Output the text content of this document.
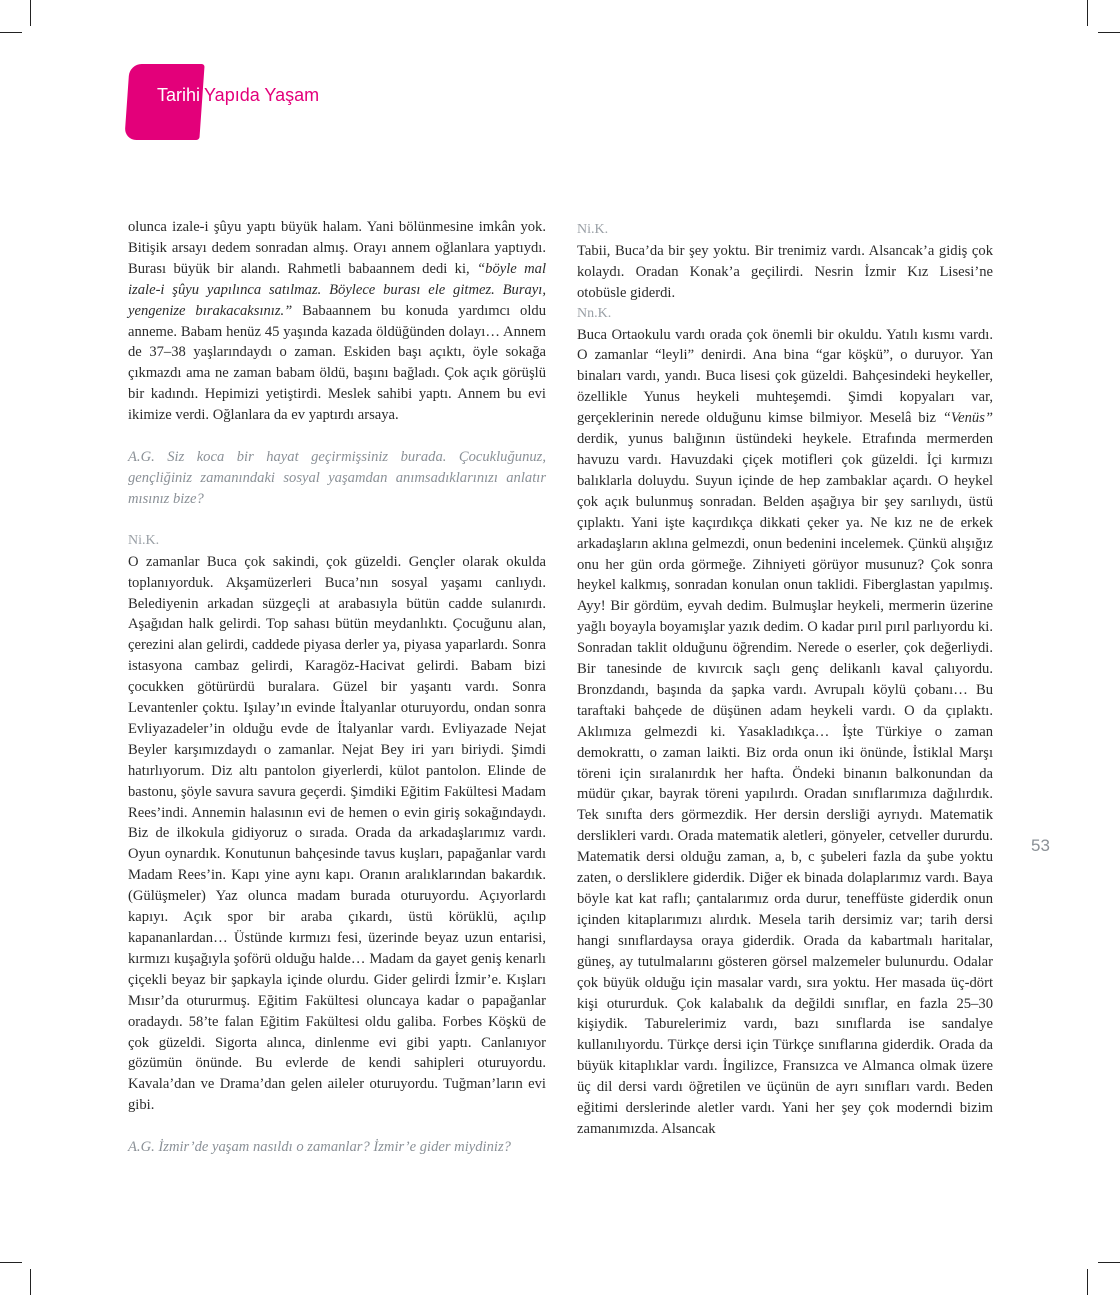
Tarihi Yapıda Yaşam

olunca izale-i şûyu yaptı büyük halam. Yani bölünmesine imkân yok. Bitişik arsayı dedem sonradan almış. Orayı annem oğlanlara yaptıydı. Burası büyük bir alandı. Rahmetli babaannem dedi ki, “böyle mal izale-i şûyu yapılınca satılmaz. Böylece burası ele gitmez. Burayı, yengenize bırakacaksınız.” Babaannem bu konuda yardımcı oldu anneme. Babam henüz 45 yaşında kazada öldüğünden dolayı… Annem de 37–38 yaşlarındaydı o zaman. Eskiden başı açıktı, öyle sokağa çıkmazdı ama ne zaman babam öldü, başını bağladı. Çok açık görüşlü bir kadındı. Hepimizi yetiştirdi. Meslek sahibi yaptı. Annem bu evi ikimize verdi. Oğlanlara da ev yaptırdı arsaya.

A.G. Siz koca bir hayat geçirmişsiniz burada. Çocukluğunuz, gençliğiniz zamanındaki sosyal yaşamdan anımsadıklarınızı anlatır mısınız bize?

Ni.K.

O zamanlar Buca çok sakindi, çok güzeldi. Gençler olarak okulda toplanıyorduk. Akşamüzerleri Buca’nın sosyal yaşamı canlıydı. Belediyenin arkadan süzgeçli at arabasıyla bütün cadde sulanırdı. Aşağıdan halk gelirdi. Top sahası bütün meydanlıktı. Çocuğunu alan, çerezini alan gelirdi, caddede piyasa derler ya, piyasa yaparlardı. Sonra istasyona cambaz gelirdi, Karagöz-Hacivat gelirdi. Babam bizi çocukken götürürdü buralara. Güzel bir yaşantı vardı. Sonra Levantenler çoktu. Işılay’ın evinde İtalyanlar oturuyordu, ondan sonra Evliyazadeler’in olduğu evde de İtalyanlar vardı. Evliyazade Nejat Beyler karşımızdaydı o zamanlar. Nejat Bey iri yarı biriydi. Şimdi hatırlıyorum. Diz altı pantolon giyerlerdi, külot pantolon. Elinde de bastonu, şöyle savura savura geçerdi. Şimdiki Eğitim Fakültesi Madam Rees’indi. Annemin halasının evi de hemen o evin giriş sokağındaydı. Biz de ilkokula gidiyoruz o sırada. Orada da arkadaşlarımız vardı. Oyun oynardık. Konutunun bahçesinde tavus kuşları, papağanlar vardı Madam Rees’in. Kapı yine aynı kapı. Oranın aralıklarından bakardık. (Gülüşmeler) Yaz olunca madam burada oturuyordu. Açıyorlardı kapıyı. Açık spor bir araba çıkardı, üstü körüklü, açılıp kapananlardan… Üstünde kırmızı fesi, üzerinde beyaz uzun entarisi, kırmızı kuşağıyla şoförü olduğu halde… Madam da gayet geniş kenarlı çiçekli beyaz bir şapkayla içinde olurdu. Gider gelirdi İzmir’e. Kışları Mısır’da otururmuş. Eğitim Fakültesi oluncaya kadar o papağanlar oradaydı. 58’te falan Eğitim Fakültesi oldu galiba. Forbes Köşkü de çok güzeldi. Sigorta alınca, dinlenme evi gibi yaptı. Canlanıyor gözümün önünde. Bu evlerde de kendi sahipleri oturuyordu. Kavala’dan ve Drama’dan gelen aileler oturuyordu. Tuğman’ların evi gibi.

A.G. İzmir’de yaşam nasıldı o zamanlar? İzmir’e gider miydiniz?

Ni.K.

Tabii, Buca’da bir şey yoktu. Bir trenimiz vardı. Alsancak’a gidiş çok kolaydı. Oradan Konak’a geçilirdi. Nesrin İzmir Kız Lisesi’ne otobüsle giderdi.

Nn.K.

Buca Ortaokulu vardı orada çok önemli bir okuldu. Yatılı kısmı vardı. O zamanlar “leyli” denirdi. Ana bina “gar köşkü”, o duruyor. Yan binaları vardı, yandı. Buca lisesi çok güzeldi. Bahçesindeki heykeller, özellikle Yunus heykeli muhteşemdi. Şimdi kopyaları var, gerçeklerinin nerede olduğunu kimse bilmiyor. Meselâ biz “Venüs” derdik, yunus balığının üstündeki heykele. Etrafında mermerden havuzu vardı. Havuzdaki çiçek motifleri çok güzeldi. İçi kırmızı balıklarla doluydu. Suyun içinde de hep zambaklar açardı. O heykel çok açık bulunmuş sonradan. Belden aşağıya bir şey sarılıydı, üstü çıplaktı. Yani işte kaçırdıkça dikkati çeker ya. Ne kız ne de erkek arkadaşların aklına gelmezdi, onun bedenini incelemek. Çünkü alışığız onu her gün orda görmeğe. Zihniyeti görüyor musunuz? Çok sonra heykel kalkmış, sonradan konulan onun taklidi. Fiberglastan yapılmış. Ayy! Bir gördüm, eyvah dedim. Bulmuşlar heykeli, mermerin üzerine yağlı boyayla boyamışlar yazık dedim. O kadar pırıl pırıl parlıyordu ki. Sonradan taklit olduğunu öğrendim. Nerede o eserler, çok değerliydi. Bir tanesinde de kıvırcık saçlı genç delikanlı kaval çalıyordu. Bronzdandı, başında da şapka vardı. Avrupalı köylü çobanı… Bu taraftaki bahçede de düşünen adam heykeli vardı. O da çıplaktı. Aklımıza gelmezdi ki. Yasakladıkça… İşte Türkiye o zaman demokrattı, o zaman laikti. Biz orda onun iki önünde, İstiklal Marşı töreni için sıralanırdık her hafta. Öndeki binanın balkonundan da müdür çıkar, bayrak töreni yapılırdı. Oradan sınıflarımıza dağılırdık. Tek sınıfta ders görmezdik. Her dersin dersliği ayrıydı. Matematik derslikleri vardı. Orada matematik aletleri, gönyeler, cetveller dururdu. Matematik dersi olduğu zaman, a, b, c şubeleri fazla da şube yoktu zaten, o dersliklere giderdik. Diğer ek binada dolaplarımız vardı. Baya böyle kat kat raflı; çantalarımız orda durur, teneffüste giderdik onun içinden kitaplarımızı alırdık. Mesela tarih dersimiz var; tarih dersi hangi sınıflardaysa oraya giderdik. Orada da kabartmalı haritalar, güneş, ay tutulmalarını gösteren görsel malzemeler bulunurdu. Odalar çok büyük olduğu için masalar vardı, sıra yoktu. Her masada üç-dört kişi otururduk. Çok kalabalık da değildi sınıflar, en fazla 25–30 kişiydik. Taburelerimiz vardı, bazı sınıflarda ise sandalye kullanılıyordu. Türkçe dersi için Türkçe sınıflarına giderdik. Orada da büyük kitaplıklar vardı. İngilizce, Fransızca ve Almanca olmak üzere üç dil dersi vardı öğretilen ve üçünün de ayrı sınıfları vardı. Beden eğitimi derslerinde aletler vardı. Yani her şey çok moderndi bizim zamanımızda. Alsancak

53
